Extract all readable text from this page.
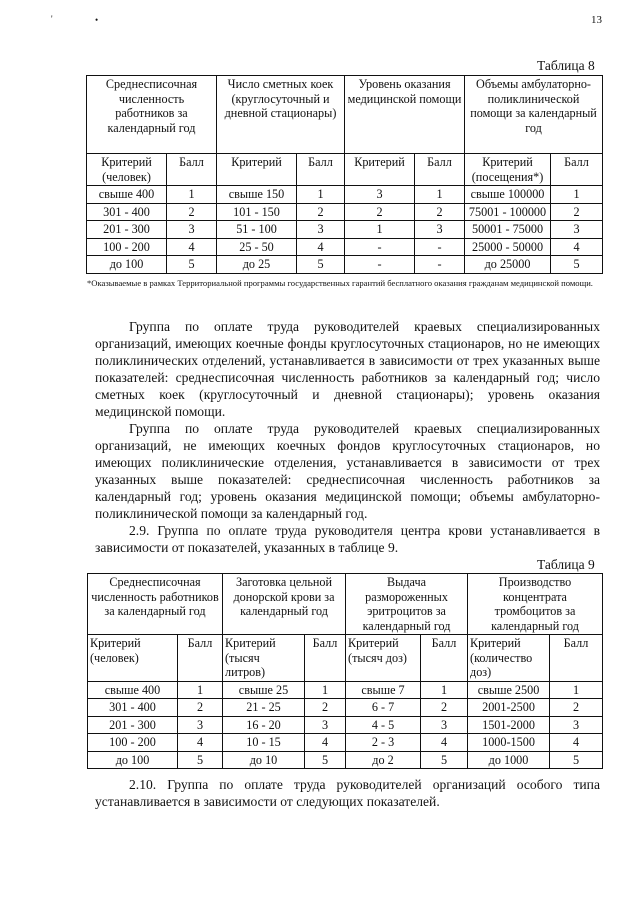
'	•	13
Таблица 8
Среднесписочная численность работников за календарный год		Число сметных коек (круглосуточный и дневной стационары)		Уровень оказания медицинской помощи		Объемы амбулаторно-поликлинической помощи за календарный год	
Критерий (человек)	Балл	Критерий	Балл	Критерий	Балл	Критерий (посещения*)	Балл
свыше 400	1	свыше 150	1	3	1	свыше 100000	1
301 - 400	2	101 - 150	2	2	2	75001 - 100000	2
201 - 300	3	51 - 100	3	1	3	50001 - 75000	3
100 - 200	4	25 - 50	4	-	-	25000 - 50000	4
до 100	5	до 25	5	-	-	до 25000	5
*Оказываемые в рамках Территориальной программы государственных гарантий бесплатного оказания гражданам медицинской помощи.

Группа по оплате труда руководителей краевых специализированных организаций, имеющих коечные фонды круглосуточных стационаров, но не имеющих поликлинических отделений, устанавливается в зависимости от трех указанных выше показателей: среднесписочная численность работников за календарный год; число сметных коек (круглосуточный и дневной стационары); уровень оказания медицинской помощи.

Группа по оплате труда руководителей краевых специализированных организаций, не имеющих коечных фондов круглосуточных стационаров, но имеющих поликлинические отделения, устанавливается в зависимости от трех указанных выше показателей: среднесписочная численность работников за календарный год; уровень оказания медицинской помощи; объемы амбулаторно-поликлинической помощи за календарный год.

2.9. Группа по оплате труда руководителя центра крови устанавливается в зависимости от показателей, указанных в таблице 9.

Таблица 9
Среднесписочная численность работников за календарный год		Заготовка цельной донорской крови за календарный год		Выдача размороженных эритроцитов за календарный год		Производство концентрата тромбоцитов за календарный год	
Критерий (человек)	Балл	Критерий (тысяч литров)	Балл	Критерий (тысяч доз)	Балл	Критерий (количество доз)	Балл
свыше 400	1	свыше 25	1	свыше 7	1	свыше 2500	1
301 - 400	2	21 - 25	2	6 - 7	2	2001-2500	2
201 - 300	3	16 - 20	3	4 - 5	3	1501-2000	3
100 - 200	4	10 - 15	4	2 - 3	4	1000-1500	4
до 100	5	до 10	5	до 2	5	до 1000	5

2.10. Группа по оплате труда руководителей организаций особого типа устанавливается в зависимости от следующих показателей.
